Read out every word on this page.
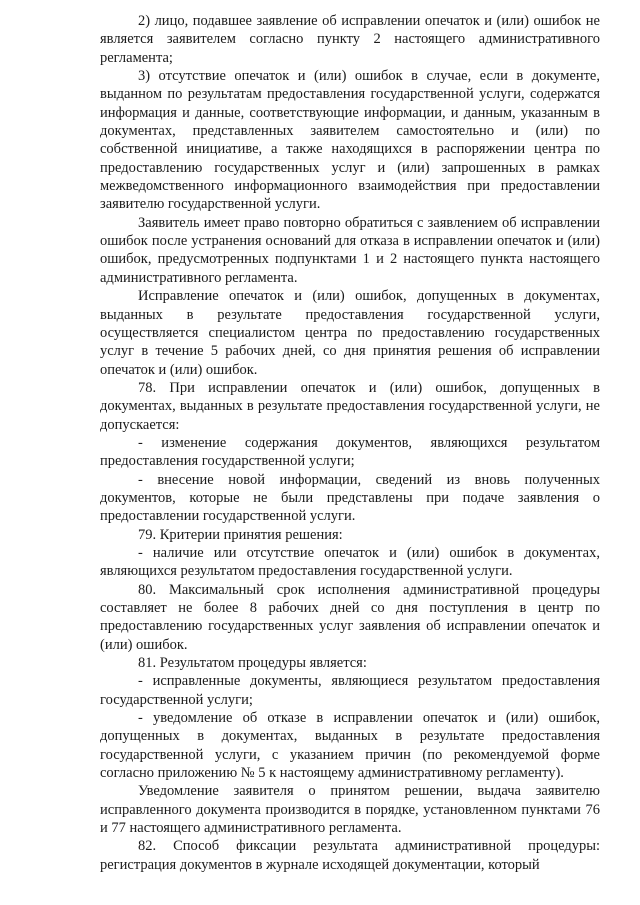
2) лицо, подавшее заявление об исправлении опечаток и (или) ошибок не является заявителем согласно пункту 2 настоящего административного регламента;

3) отсутствие опечаток и (или) ошибок в случае, если в документе, выданном по результатам предоставления государственной услуги, содержатся информация и данные, соответствующие информации, и данным, указанным в документах, представленных заявителем самостоятельно и (или) по собственной инициативе, а также находящихся в распоряжении центра по предоставлению государственных услуг и (или) запрошенных в рамках межведомственного информационного взаимодействия при предоставлении заявителю государственной услуги.

Заявитель имеет право повторно обратиться с заявлением об исправлении ошибок после устранения оснований для отказа в исправлении опечаток и (или) ошибок, предусмотренных подпунктами 1 и 2 настоящего пункта настоящего административного регламента.

Исправление опечаток и (или) ошибок, допущенных в документах, выданных в результате предоставления государственной услуги, осуществляется специалистом центра по предоставлению государственных услуг в течение 5 рабочих дней, со дня принятия решения об исправлении опечаток и (или) ошибок.

78. При исправлении опечаток и (или) ошибок, допущенных в документах, выданных в результате предоставления государственной услуги, не допускается:

- изменение содержания документов, являющихся результатом предоставления государственной услуги;

- внесение новой информации, сведений из вновь полученных документов, которые не были представлены при подаче заявления о предоставлении государственной услуги.

79. Критерии принятия решения:

- наличие или отсутствие опечаток и (или) ошибок в документах, являющихся результатом предоставления государственной услуги.

80. Максимальный срок исполнения административной процедуры составляет не более 8 рабочих дней со дня поступления в центр по предоставлению государственных услуг заявления об исправлении опечаток и (или) ошибок.

81. Результатом процедуры является:

- исправленные документы, являющиеся результатом предоставления государственной услуги;

- уведомление об отказе в исправлении опечаток и (или) ошибок, допущенных в документах, выданных в результате предоставления государственной услуги, с указанием причин (по рекомендуемой форме согласно приложению № 5 к настоящему административному регламенту).

Уведомление заявителя о принятом решении, выдача заявителю исправленного документа производится в порядке, установленном пунктами 76 и 77 настоящего административного регламента.

82. Способ фиксации результата административной процедуры: регистрация документов в журнале исходящей документации, который
